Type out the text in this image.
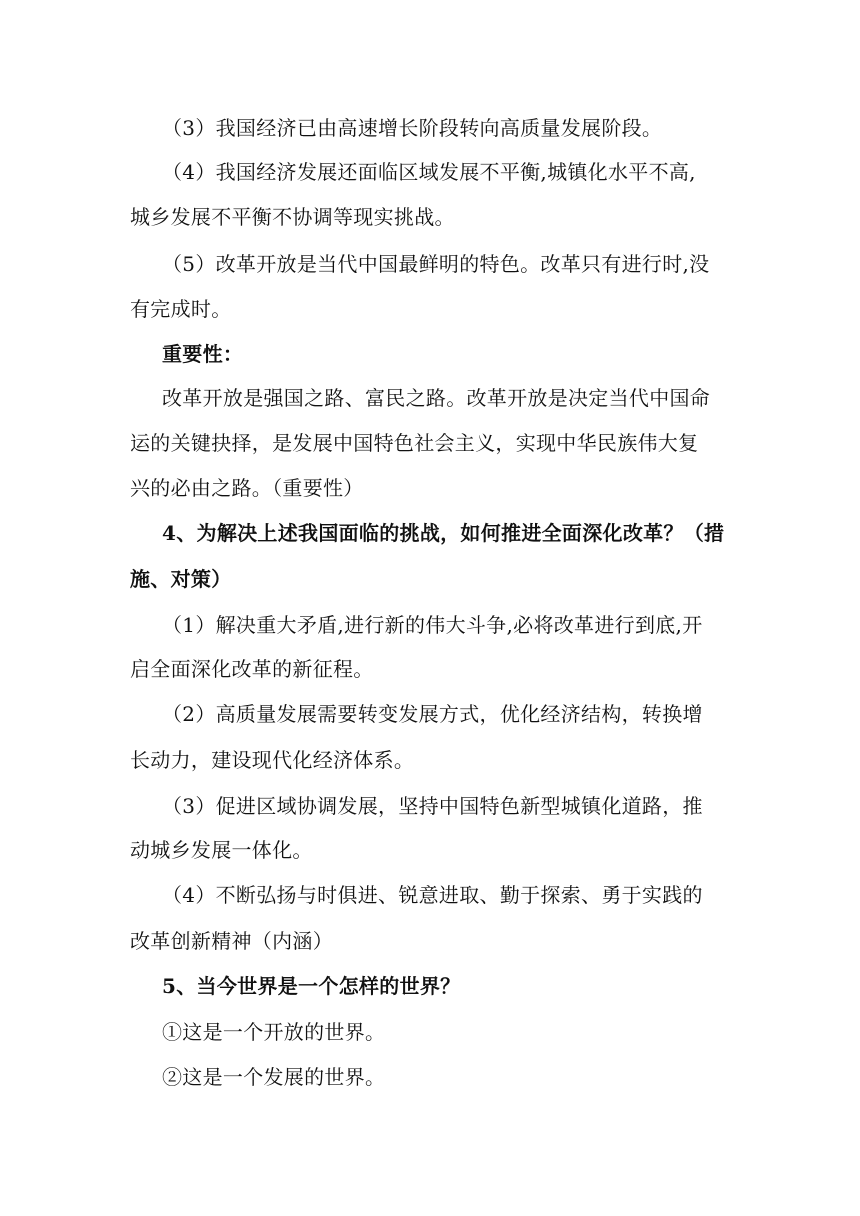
（3）我国经济已由高速增长阶段转向高质量发展阶段。
（4）我国经济发展还面临区域发展不平衡,城镇化水平不高,
城乡发展不平衡不协调等现实挑战。
（5）改革开放是当代中国最鲜明的特色。改革只有进行时,没
有完成时。
重要性：
改革开放是强国之路、富民之路。改革开放是决定当代中国命
运的关键抉择，是发展中国特色社会主义，实现中华民族伟大复
兴的必由之路。（重要性）
4、为解决上述我国面临的挑战，如何推进全面深化改革？（措
施、对策）
（1）解决重大矛盾,进行新的伟大斗争,必将改革进行到底,开
启全面深化改革的新征程。
（2）高质量发展需要转变发展方式，优化经济结构，转换增
长动力，建设现代化经济体系。
（3）促进区域协调发展，坚持中国特色新型城镇化道路，推
动城乡发展一体化。
（4）不断弘扬与时俱进、锐意进取、勤于探索、勇于实践的
改革创新精神（内涵）
5、当今世界是一个怎样的世界？
①这是一个开放的世界。
②这是一个发展的世界。
